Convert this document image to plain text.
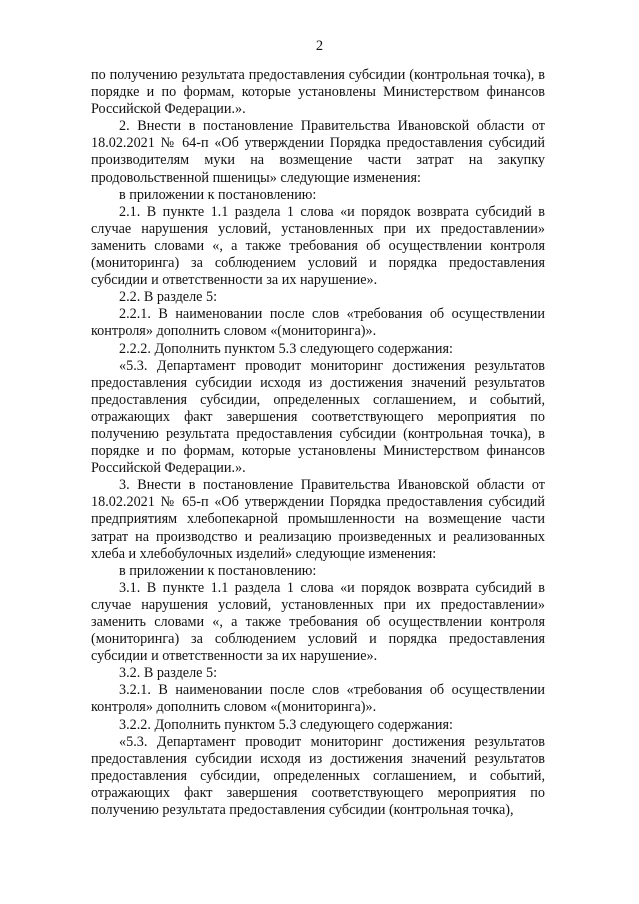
2

по получению результата предоставления субсидии (контрольная точка), в порядке и по формам, которые установлены Министерством финансов Российской Федерации.».

2. Внести в постановление Правительства Ивановской области от 18.02.2021 № 64-п «Об утверждении Порядка предоставления субсидий производителям муки на возмещение части затрат на закупку продовольственной пшеницы» следующие изменения:

в приложении к постановлению:

2.1. В пункте 1.1 раздела 1 слова «и порядок возврата субсидий в случае нарушения условий, установленных при их предоставлении» заменить словами «, а также требования об осуществлении контроля (мониторинга) за соблюдением условий и порядка предоставления субсидии и ответственности за их нарушение».

2.2. В разделе 5:

2.2.1. В наименовании после слов «требования об осуществлении контроля» дополнить словом «(мониторинга)».

2.2.2. Дополнить пунктом 5.3 следующего содержания:

«5.3. Департамент проводит мониторинг достижения результатов предоставления субсидии исходя из достижения значений результатов предоставления субсидии, определенных соглашением, и событий, отражающих факт завершения соответствующего мероприятия по получению результата предоставления субсидии (контрольная точка), в порядке и по формам, которые установлены Министерством финансов Российской Федерации.».

3. Внести в постановление Правительства Ивановской области от 18.02.2021 № 65-п «Об утверждении Порядка предоставления субсидий предприятиям хлебопекарной промышленности на возмещение части затрат на производство и реализацию произведенных и реализованных хлеба и хлебобулочных изделий» следующие изменения:

в приложении к постановлению:

3.1. В пункте 1.1 раздела 1 слова «и порядок возврата субсидий в случае нарушения условий, установленных при их предоставлении» заменить словами «, а также требования об осуществлении контроля (мониторинга) за соблюдением условий и порядка предоставления субсидии и ответственности за их нарушение».

3.2. В разделе 5:

3.2.1. В наименовании после слов «требования об осуществлении контроля» дополнить словом «(мониторинга)».

3.2.2. Дополнить пунктом 5.3 следующего содержания:

«5.3. Департамент проводит мониторинг достижения результатов предоставления субсидии исходя из достижения значений результатов предоставления субсидии, определенных соглашением, и событий, отражающих факт завершения соответствующего мероприятия по получению результата предоставления субсидии (контрольная точка),
